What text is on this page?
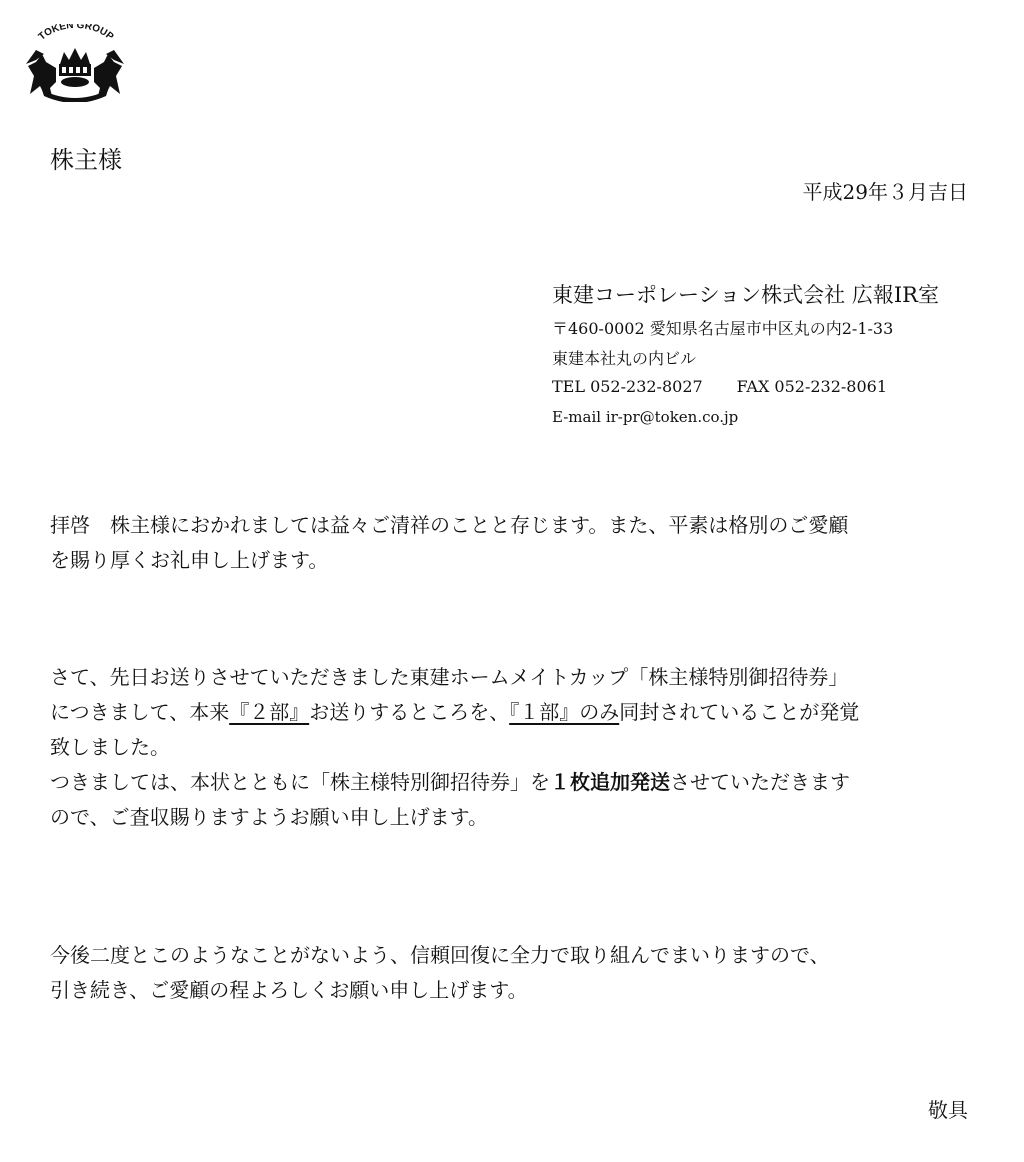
TOKEN GROUP
株主様
平成29年３月吉日
東建コーポレーション株式会社 広報IR室
〒460-0002 愛知県名古屋市中区丸の内2-1-33
東建本社丸の内ビル
TEL 052-232-8027 FAX 052-232-8061
E-mail ir-pr@token.co.jp
拝啓　株主様におかれましては益々ご清祥のことと存じます。また、平素は格別のご愛顧
を賜り厚くお礼申し上げます。
さて、先日お送りさせていただきました東建ホームメイトカップ「株主様特別御招待券」
につきまして、本来『２部』お送りするところを、『１部』のみ同封されていることが発覚
致しました。
つきましては、本状とともに「株主様特別御招待券」を１枚追加発送させていただきます
ので、ご査収賜りますようお願い申し上げます。
今後二度とこのようなことがないよう、信頼回復に全力で取り組んでまいりますので、
引き続き、ご愛顧の程よろしくお願い申し上げます。
敬具
